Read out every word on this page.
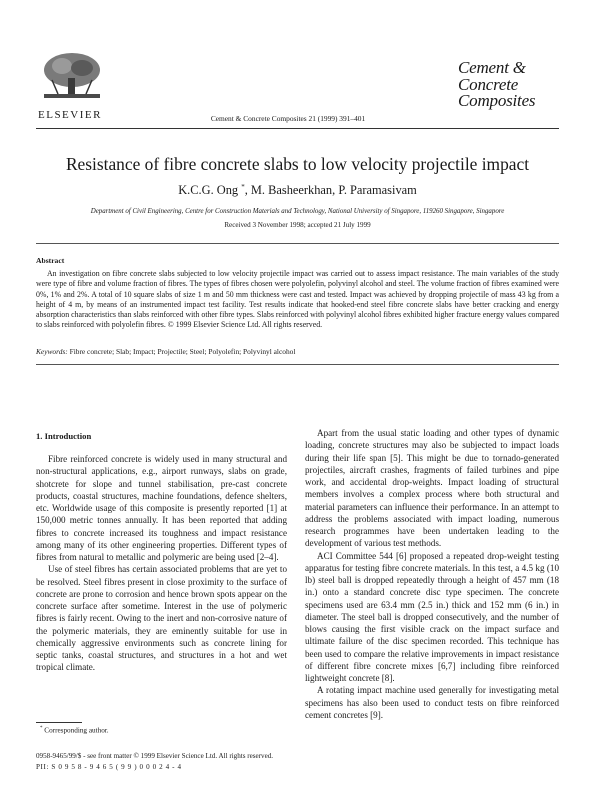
ELSEVIER	Cement & Concrete Composites 21 (1999) 391–401
Cement &
Concrete
Composites
Resistance of fibre concrete slabs to low velocity projectile impact
K.C.G. Ong *, M. Basheerkhan, P. Paramasivam
Department of Civil Engineering, Centre for Construction Materials and Technology, National University of Singapore, 119260 Singapore, Singapore
Received 3 November 1998; accepted 21 July 1999
Abstract
An investigation on fibre concrete slabs subjected to low velocity projectile impact was carried out to assess impact resistance. The main variables of the study were type of fibre and volume fraction of fibres. The types of fibres chosen were polyolefin, polyvinyl alcohol and steel. The volume fraction of fibres examined were 0%, 1% and 2%. A total of 10 square slabs of size 1 m and 50 mm thickness were cast and tested. Impact was achieved by dropping projectile of mass 43 kg from a height of 4 m, by means of an instrumented impact test facility. Test results indicate that hooked-end steel fibre concrete slabs have better cracking and energy absorption characteristics than slabs reinforced with other fibre types. Slabs reinforced with polyvinyl alcohol fibres exhibited higher fracture energy values compared to slabs reinforced with polyolefin fibres. © 1999 Elsevier Science Ltd. All rights reserved.
Keywords: Fibre concrete; Slab; Impact; Projectile; Steel; Polyolefin; Polyvinyl alcohol
1. Introduction

Fibre reinforced concrete is widely used in many structural and non-structural applications, e.g., airport runways, slabs on grade, shotcrete for slope and tunnel stabilisation, pre-cast concrete products, coastal structures, machine foundations, defence shelters, etc. Worldwide usage of this composite is presently reported [1] at 150,000 metric tonnes annually. It has been reported that adding fibres to concrete increased its toughness and impact resistance among many of its other engineering properties. Different types of fibres from natural to metallic and polymeric are being used [2–4].

Use of steel fibres has certain associated problems that are yet to be resolved. Steel fibres present in close proximity to the surface of concrete are prone to corrosion and hence brown spots appear on the concrete surface after sometime. Interest in the use of polymeric fibres is fairly recent. Owing to the inert and non-corrosive nature of the polymeric materials, they are eminently suitable for use in chemically aggressive environments such as concrete lining for septic tanks, coastal structures, and structures in a hot and wet tropical climate.

Apart from the usual static loading and other types of dynamic loading, concrete structures may also be subjected to impact loads during their life span [5]. This might be due to tornado-generated projectiles, aircraft crashes, fragments of failed turbines and pipe work, and accidental drop-weights. Impact loading of structural members involves a complex process where both structural and material parameters can influence their performance. In an attempt to address the problems associated with impact loading, numerous research programmes have been undertaken leading to the development of various test methods.

ACI Committee 544 [6] proposed a repeated drop-weight testing apparatus for testing fibre concrete materials. In this test, a 4.5 kg (10 lb) steel ball is dropped repeatedly through a height of 457 mm (18 in.) onto a standard concrete disc type specimen. The concrete specimens used are 63.4 mm (2.5 in.) thick and 152 mm (6 in.) in diameter. The steel ball is dropped consecutively, and the number of blows causing the first visible crack on the impact surface and ultimate failure of the disc specimen recorded. This technique has been used to compare the relative improvements in impact resistance of different fibre concrete mixes [6,7] including fibre reinforced lightweight concrete [8].

A rotating impact machine used generally for investigating metal specimens has also been used to conduct tests on fibre reinforced cement concretes [9].

* Corresponding author.
0958-9465/99/$ - see front matter © 1999 Elsevier Science Ltd. All rights reserved.
PII: S 0 9 5 8 - 9 4 6 5 ( 9 9 ) 0 0 0 2 4 - 4
